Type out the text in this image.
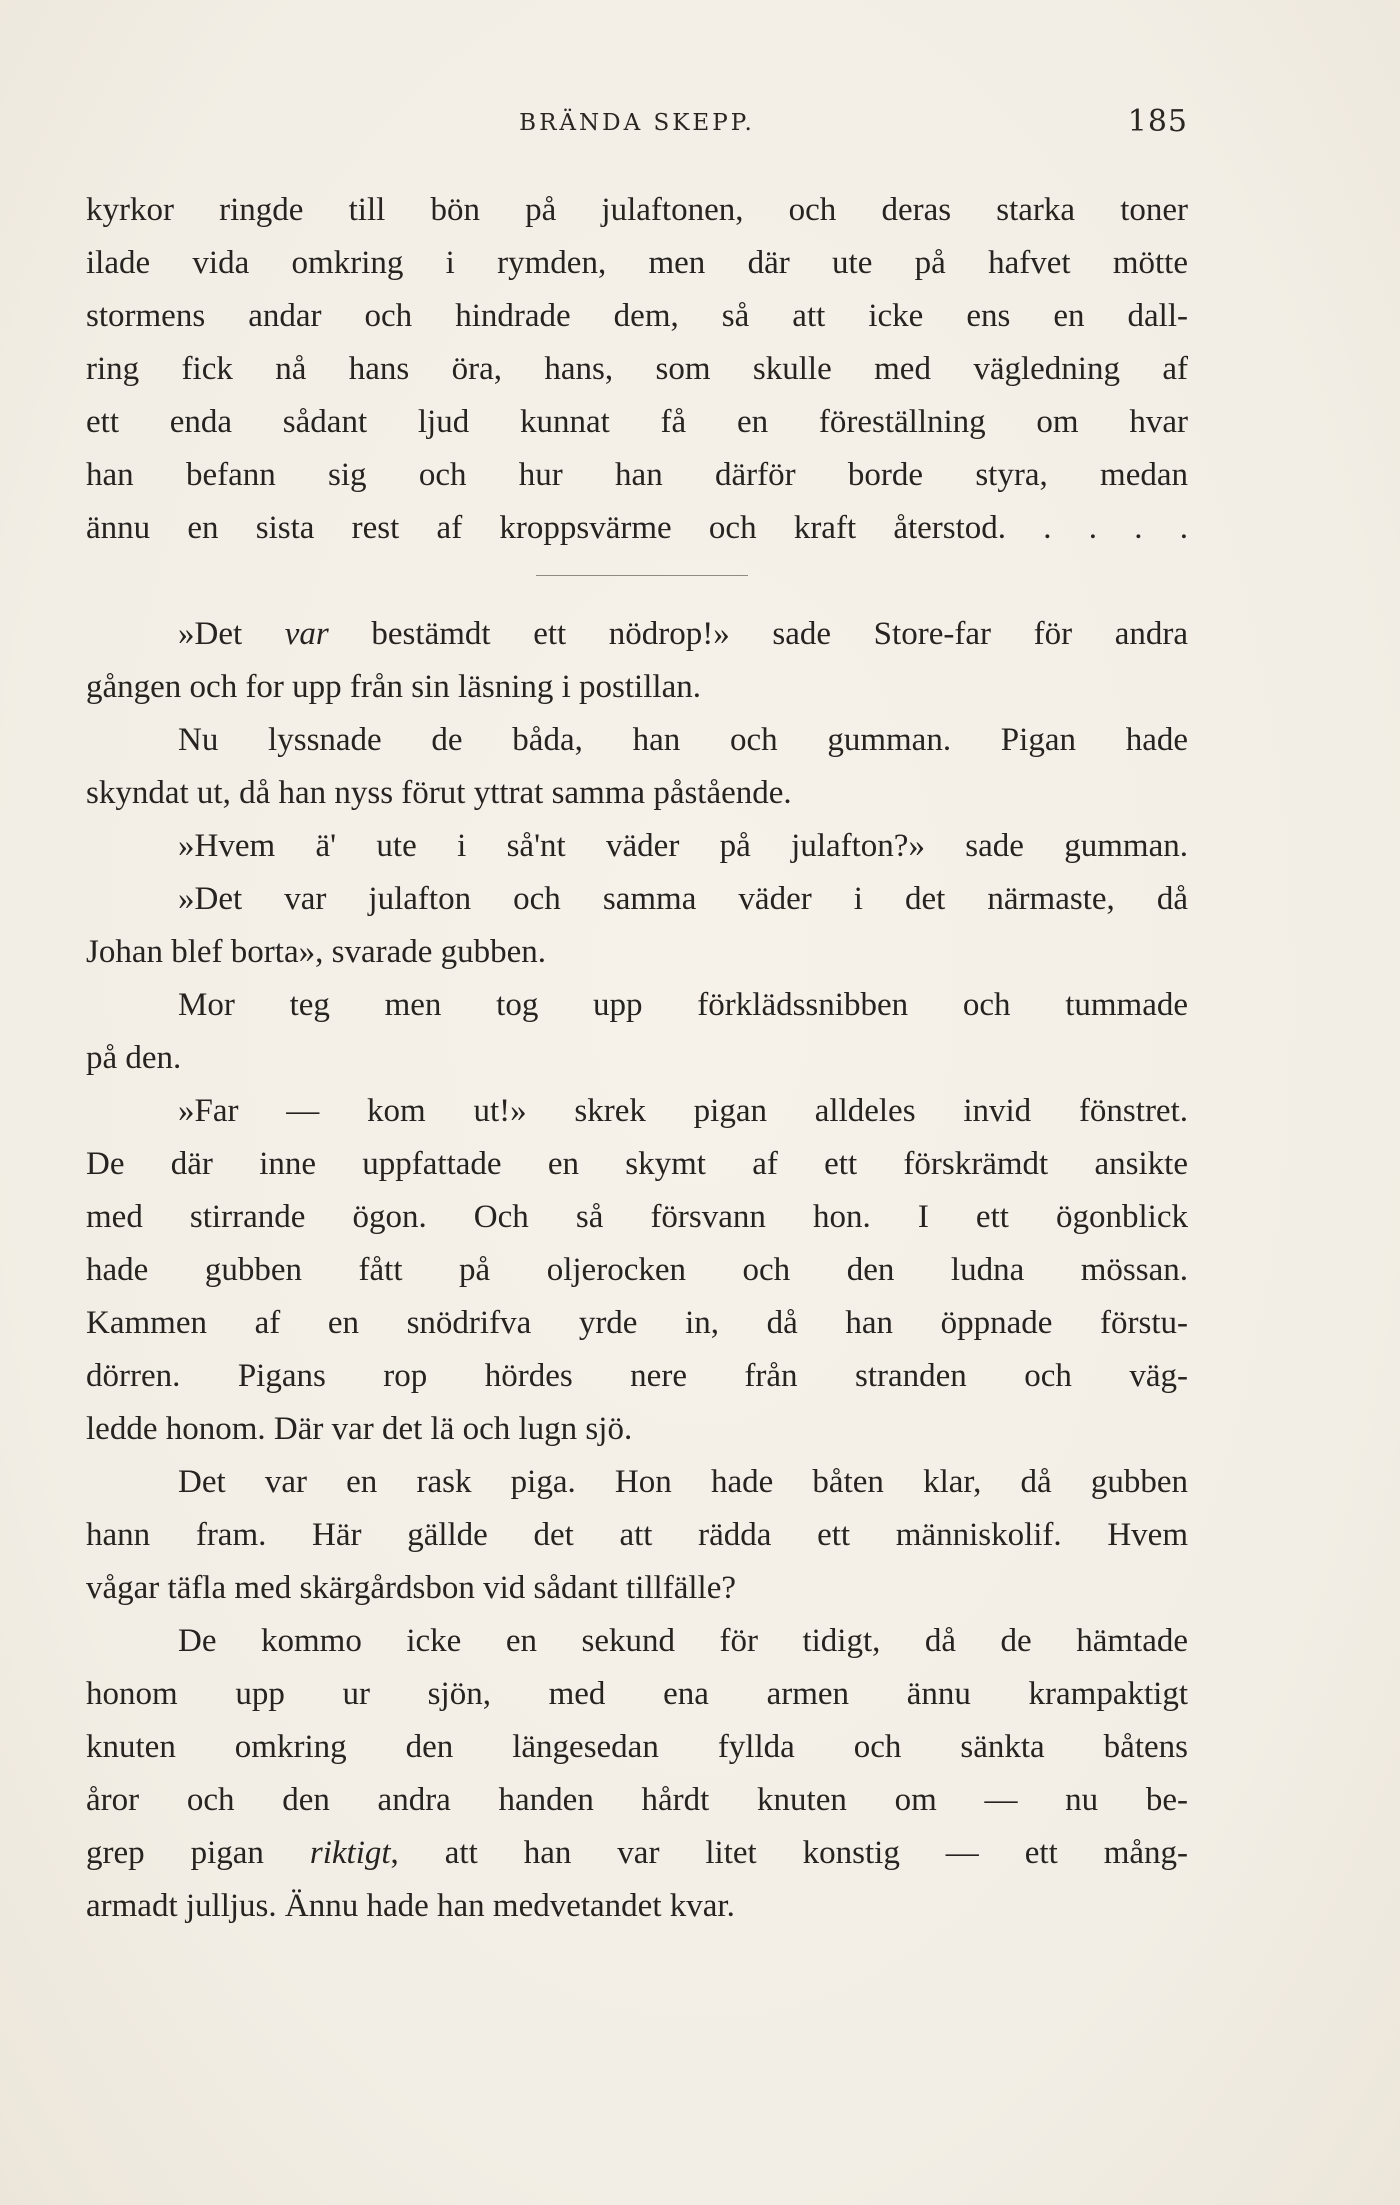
BRÄNDA SKEPP.	185
kyrkor ringde till bön på julaftonen, och deras starka toner
ilade vida omkring i rymden, men där ute på hafvet mötte
stormens andar och hindrade dem, så att icke ens en dall-
ring fick nå hans öra, hans, som skulle med vägledning af
ett enda sådant ljud kunnat få en föreställning om hvar
han befann sig och hur han därför borde styra, medan
ännu en sista rest af kroppsvärme och kraft återstod. . . . .
»Det var bestämdt ett nödrop!» sade Store-far för andra
gången och for upp från sin läsning i postillan.
Nu lyssnade de båda, han och gumman. Pigan hade
skyndat ut, då han nyss förut yttrat samma påstående.
»Hvem ä' ute i så'nt väder på julafton?» sade gumman.
»Det var julafton och samma väder i det närmaste, då
Johan blef borta», svarade gubben.
Mor teg men tog upp förklädssnibben och tummade
på den.
»Far — kom ut!» skrek pigan alldeles invid fönstret.
De där inne uppfattade en skymt af ett förskrämdt ansikte
med stirrande ögon. Och så försvann hon. I ett ögonblick
hade gubben fått på oljerocken och den ludna mössan.
Kammen af en snödrifva yrde in, då han öppnade förstu-
dörren. Pigans rop hördes nere från stranden och väg-
ledde honom. Där var det lä och lugn sjö.
Det var en rask piga. Hon hade båten klar, då gubben
hann fram. Här gällde det att rädda ett människolif. Hvem
vågar täfla med skärgårdsbon vid sådant tillfälle?
De kommo icke en sekund för tidigt, då de hämtade
honom upp ur sjön, med ena armen ännu krampaktigt
knuten omkring den längesedan fyllda och sänkta båtens
åror och den andra handen hårdt knuten om — nu be-
grep pigan riktigt, att han var litet konstig — ett mång-
armadt julljus. Ännu hade han medvetandet kvar.
